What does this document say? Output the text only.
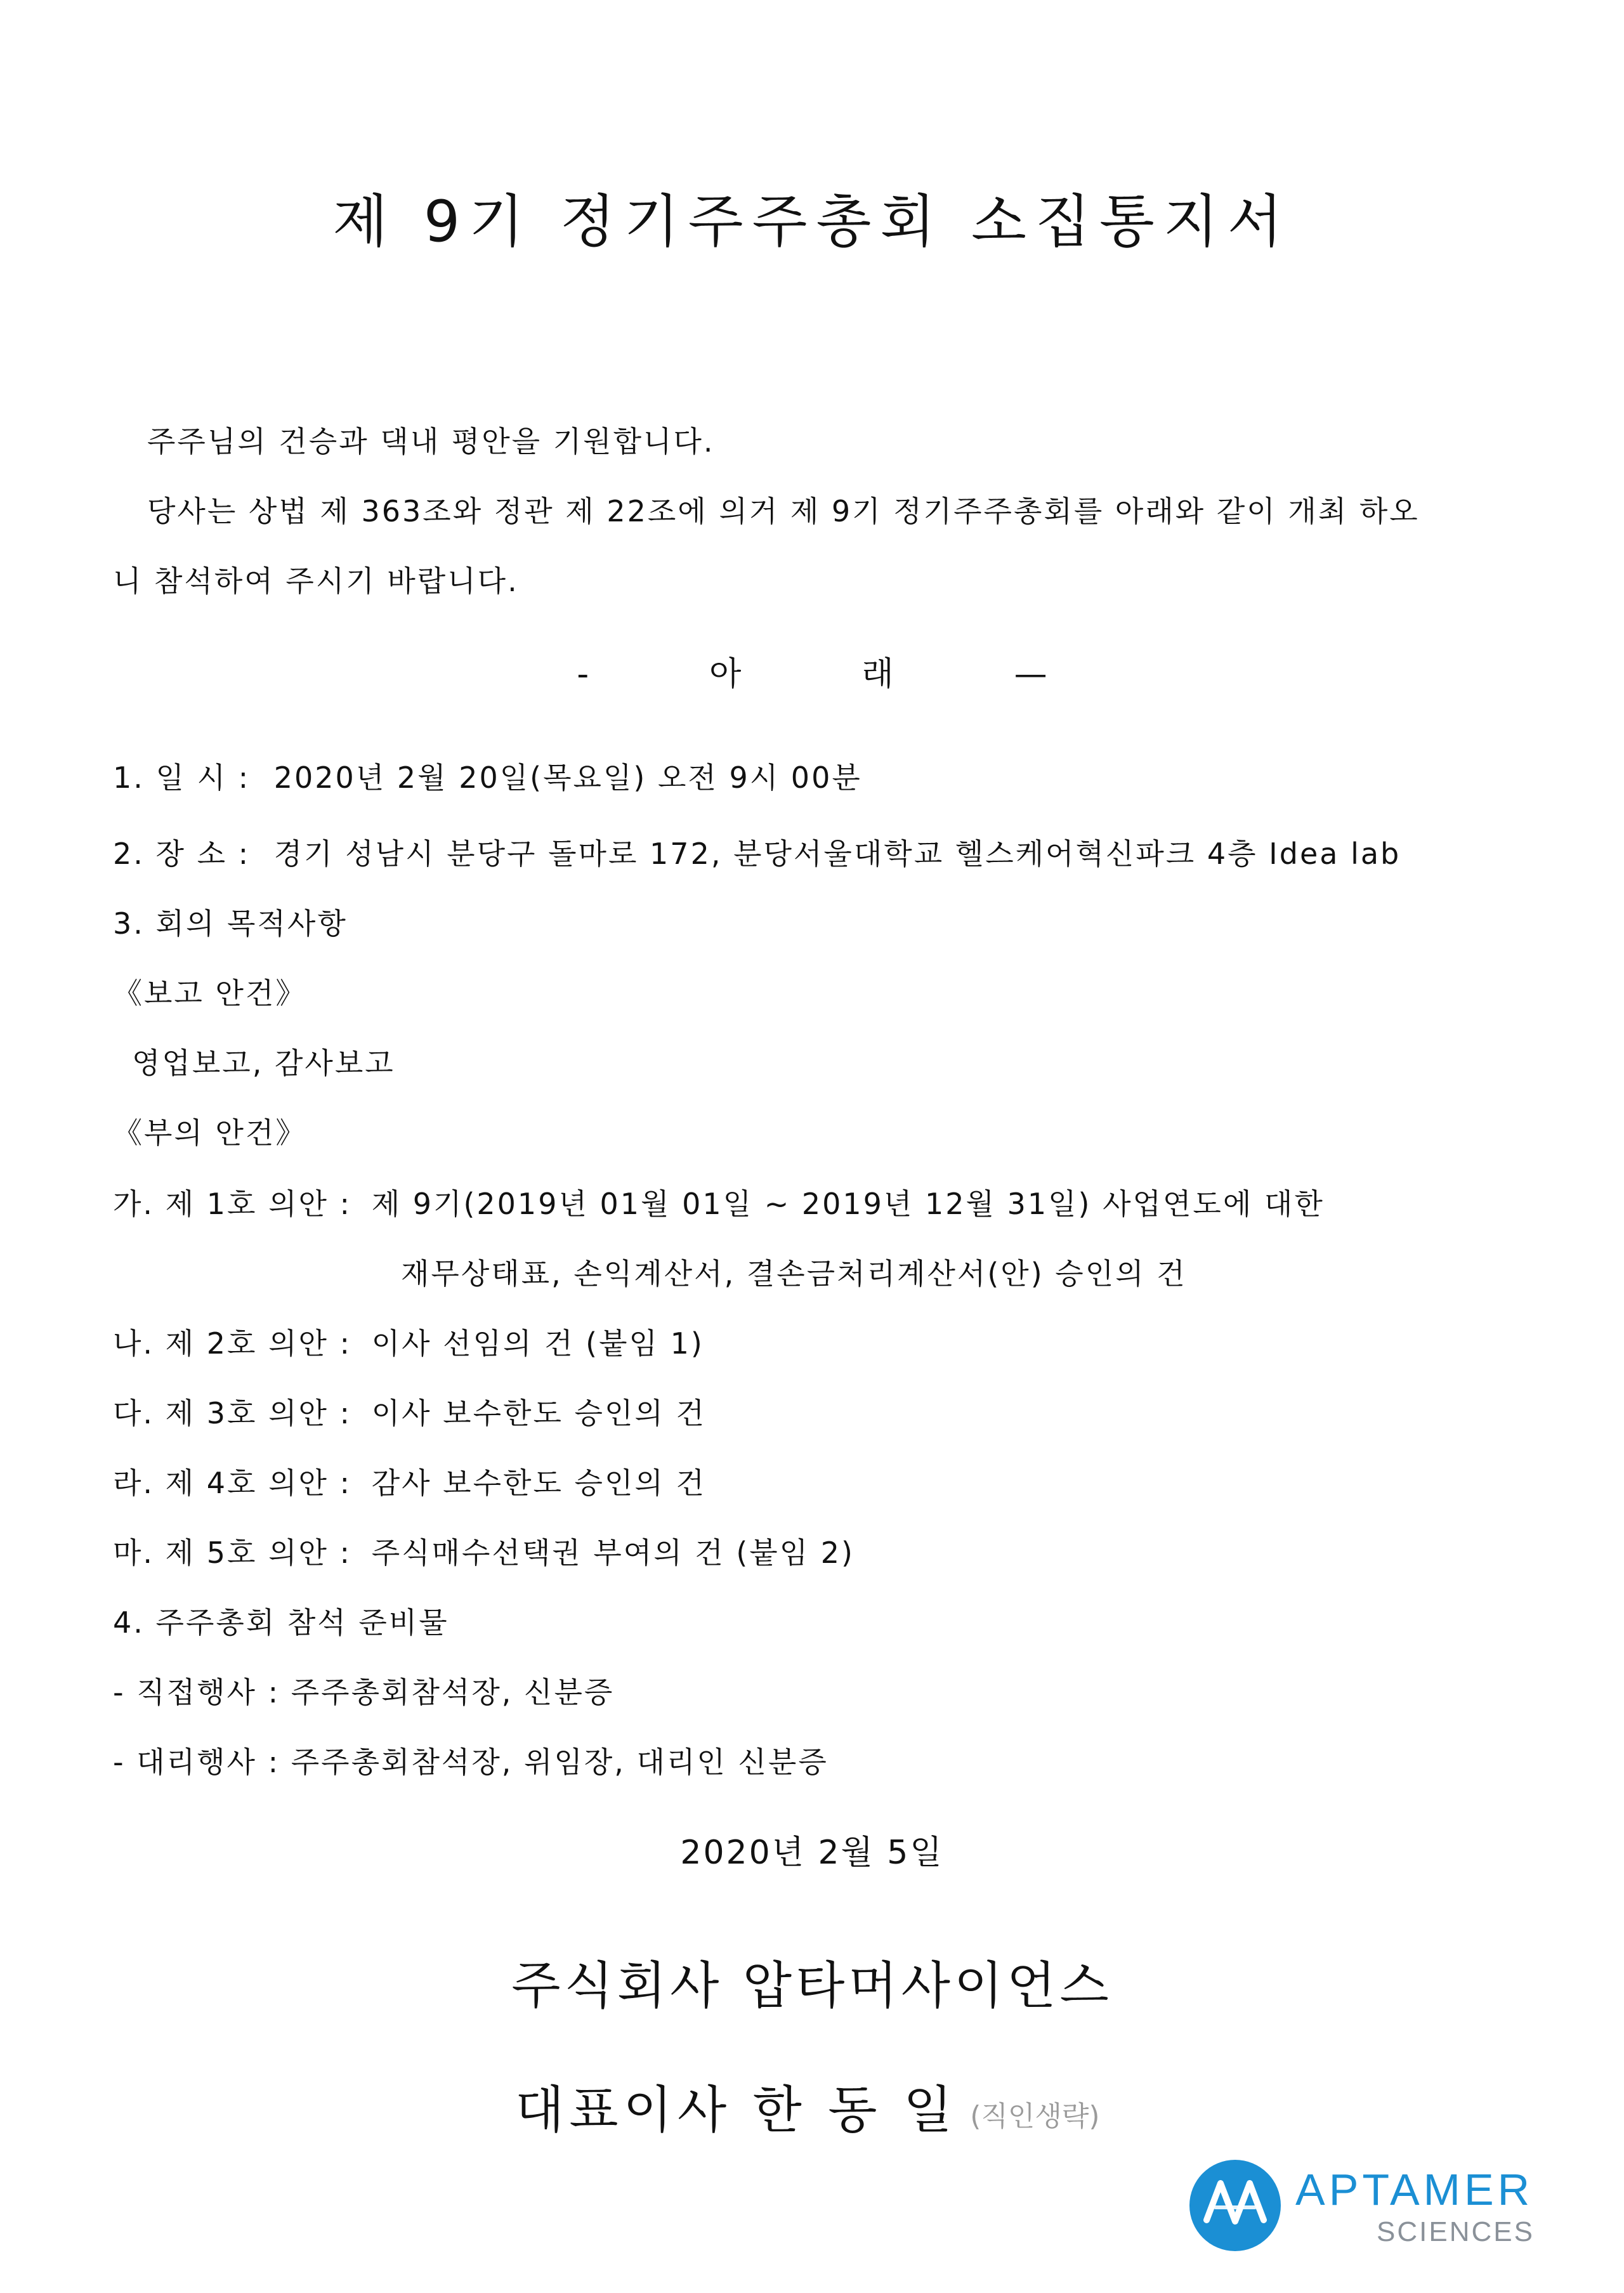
제 9기 정기주주총회 소집통지서
주주님의 건승과 댁내 평안을 기원합니다.
당사는 상법 제 363조와 정관 제 22조에 의거 제 9기 정기주주총회를 아래와 같이 개최 하오
니 참석하여 주시기 바랍니다.
-	아	래	—
1. 일 시 : 2020년 2월 20일(목요일) 오전 9시 00분
2. 장 소 : 경기 성남시 분당구 돌마로 172, 분당서울대학교 헬스케어혁신파크 4층 Idea lab
3. 회의 목적사항
《보고 안건》
영업보고, 감사보고
《부의 안건》
가. 제 1호 의안 : 제 9기(2019년 01월 01일 ~ 2019년 12월 31일) 사업연도에 대한
재무상태표, 손익계산서, 결손금처리계산서(안) 승인의 건
나. 제 2호 의안 : 이사 선임의 건 (붙임 1)
다. 제 3호 의안 : 이사 보수한도 승인의 건
라. 제 4호 의안 : 감사 보수한도 승인의 건
마. 제 5호 의안 : 주식매수선택권 부여의 건 (붙임 2)
4. 주주총회 참석 준비물
- 직접행사 : 주주총회참석장, 신분증
- 대리행사 : 주주총회참석장, 위임장, 대리인 신분증
2020년 2월 5일
주식회사 압타머사이언스
대표이사 한 동 일 (직인생략)
APTAMER
SCIENCES
